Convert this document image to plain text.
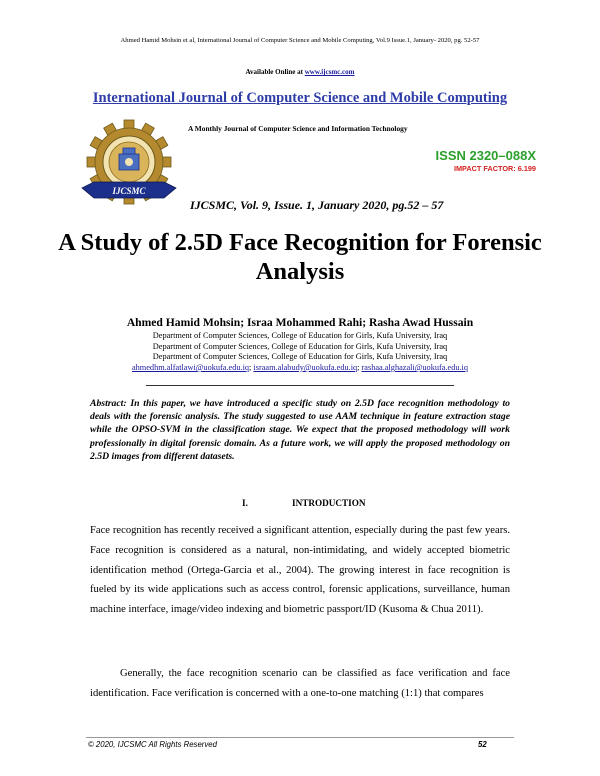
Ahmed Hamid Mohsin et al, International Journal of Computer Science and Mobile Computing, Vol.9 Issue.1, January- 2020, pg. 52-57
Available Online at www.ijcsmc.com
International Journal of Computer Science and Mobile Computing
A Monthly Journal of Computer Science and Information Technology
IJCSMC
ISSN 2320–088X
IMPACT FACTOR: 6.199
IJCSMC, Vol. 9, Issue. 1, January 2020, pg.52 – 57
A Study of 2.5D Face Recognition for Forensic Analysis
Ahmed Hamid Mohsin; Israa Mohammed Rahi; Rasha Awad Hussain
Department of Computer Sciences, College of Education for Girls, Kufa University, Iraq
Department of Computer Sciences, College of Education for Girls, Kufa University, Iraq
Department of Computer Sciences, College of Education for Girls, Kufa University, Iraq
ahmedhm.alfatlawi@uokufa.edu.iq; israam.alabudy@uokufa.edu.iq; rashaa.alghazali@uokufa.edu.iq
Abstract: In this paper, we have introduced a specific study on 2.5D face recognition methodology to deals with the forensic analysis. The study suggested to use AAM technique in feature extraction stage while the OPSO-SVM in the classification stage. We expect that the proposed methodology will work professionally in digital forensic domain. As a future work, we will apply the proposed methodology on 2.5D images from different datasets.
I.	INTRODUCTION
Face recognition has recently received a significant attention, especially during the past few years. Face recognition is considered as a natural, non-intimidating, and widely accepted biometric identification method (Ortega-Garcia et al., 2004). The growing interest in face recognition is fueled by its wide applications such as access control, forensic applications, surveillance, human machine interface, image/video indexing and biometric passport/ID (Kusoma & Chua 2011).
Generally, the face recognition scenario can be classified as face verification and face identification. Face verification is concerned with a one-to-one matching (1:1) that compares
© 2020, IJCSMC All Rights Reserved	52
